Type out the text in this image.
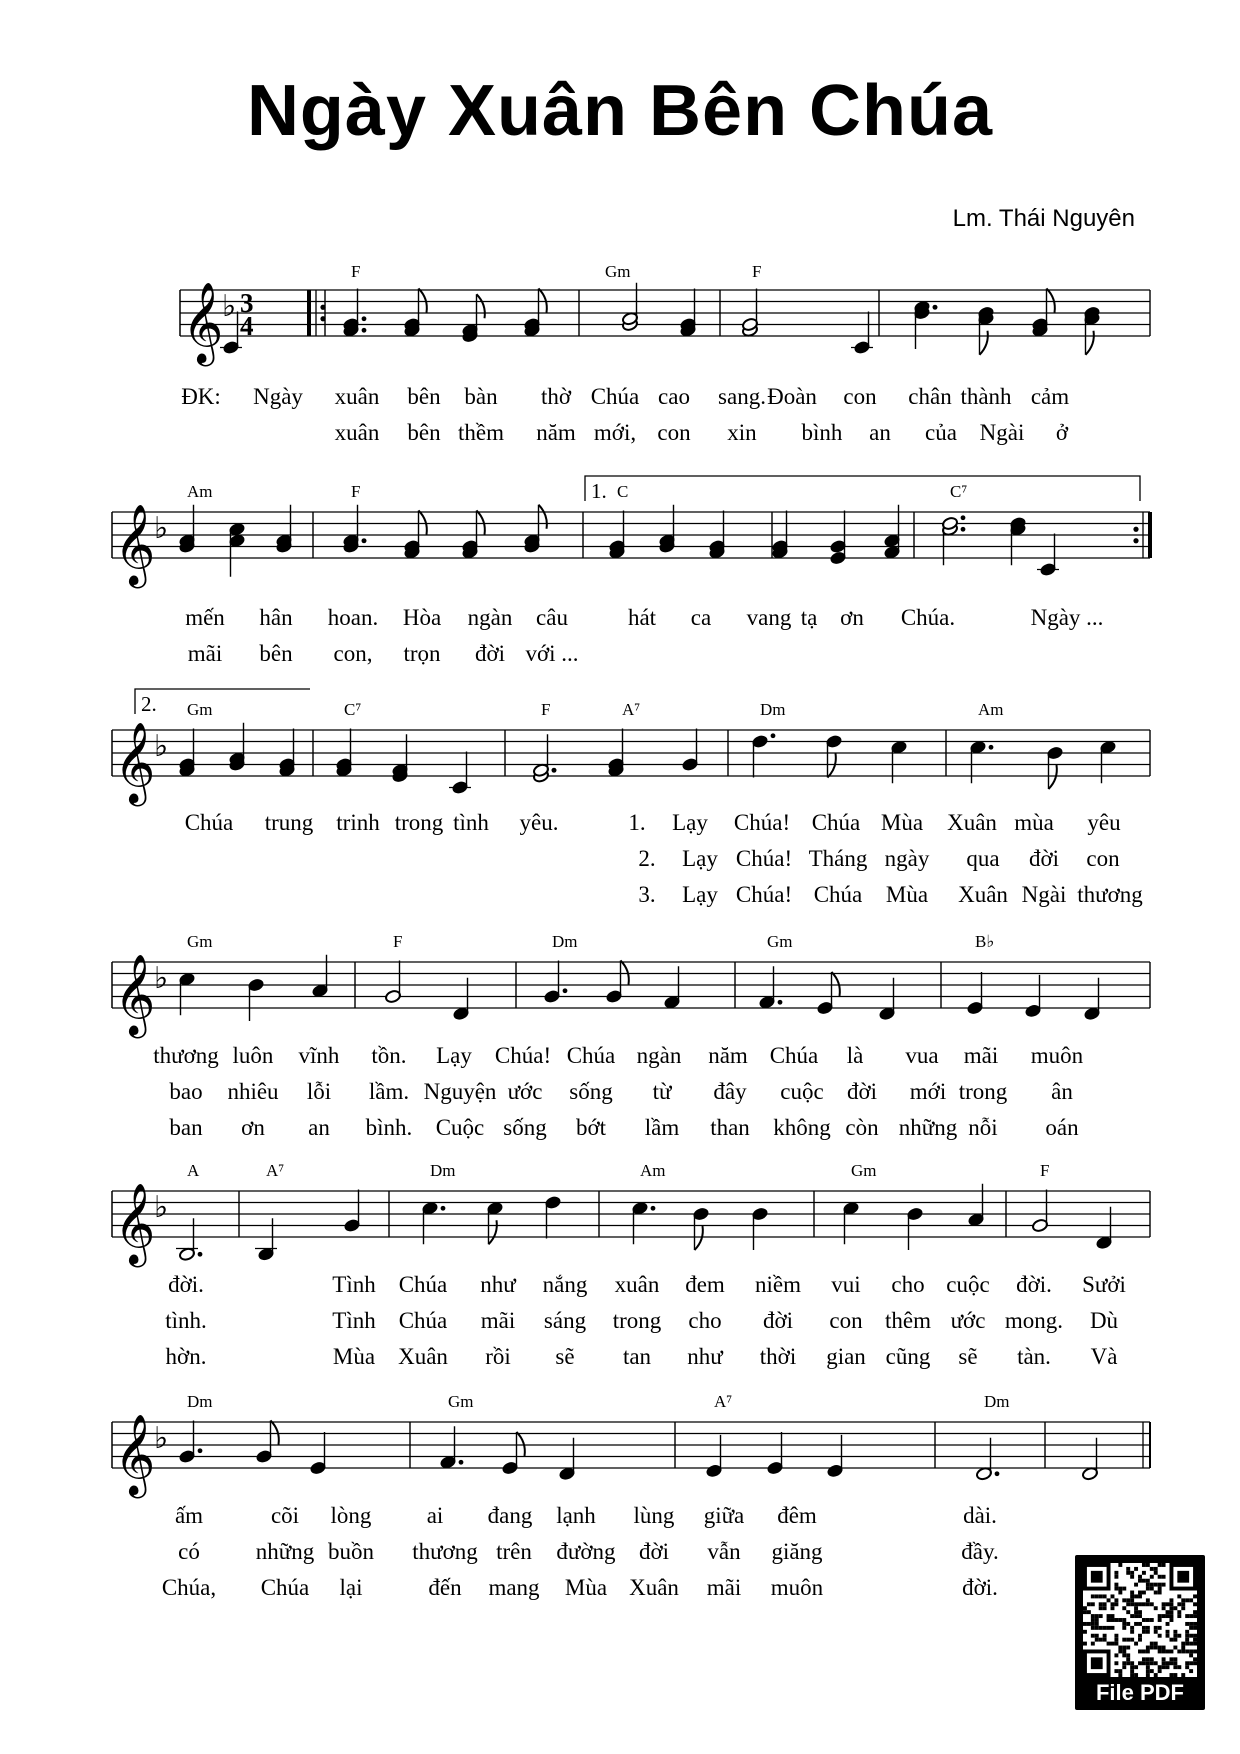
Ngày Xuân Bên Chúa
Lm. Thái Nguyên
𝄞
♭ 3
4
F	Gm	F
ĐK: Ngày xuân bên bàn thờ Chúa cao sang. Đoàn con chân thành cảm
xuân bên thềm năm mới, con xin bình an của Ngài ở
𝄞
♭
1.
Am	F	C	C⁷
mến hân hoan. Hòa ngàn câu	hát ca vang tạ ơn Chúa.	Ngày ...
mãi bên con, trọn đời với ...
𝄞
♭
2. Gm	C⁷	F	A⁷	Dm	Am
Chúa trung trinh trong tình yêu.	1. Lạy Chúa! Chúa Mùa Xuân mùa yêu
2. Lạy Chúa! Tháng ngày qua đời con
3. Lạy Chúa! Chúa Mùa Xuân Ngài thương
𝄞
♭
Gm	F	Dm	Gm	B♭
thương luôn vĩnh tồn. Lạy Chúa! Chúa ngàn năm Chúa là vua mãi muôn
bao nhiêu lỗi lầm. Nguyện ước sống từ đây cuộc đời mới trong ân
ban ơn an bình. Cuộc sống bớt lầm than không còn những nỗi oán
𝄞
♭
A	A⁷	Dm	Am	Gm	F
đời.	Tình Chúa như nắng xuân đem niềm vui cho cuộc đời. Sưởi
tình.	Tình Chúa mãi sáng trong cho đời con thêm ước mong. Dù
hờn.	Mùa Xuân rồi sẽ tan như thời gian cũng sẽ tàn. Và
𝄞
♭
Dm	Gm	A⁷	Dm
ấm	cõi lòng ai đang lạnh lùng giữa đêm	dài.
có những buồn thương trên đường đời vẫn giăng	đầy.
Chúa, Chúa lại	đến mang Mùa Xuân mãi muôn	đời.
File PDF
